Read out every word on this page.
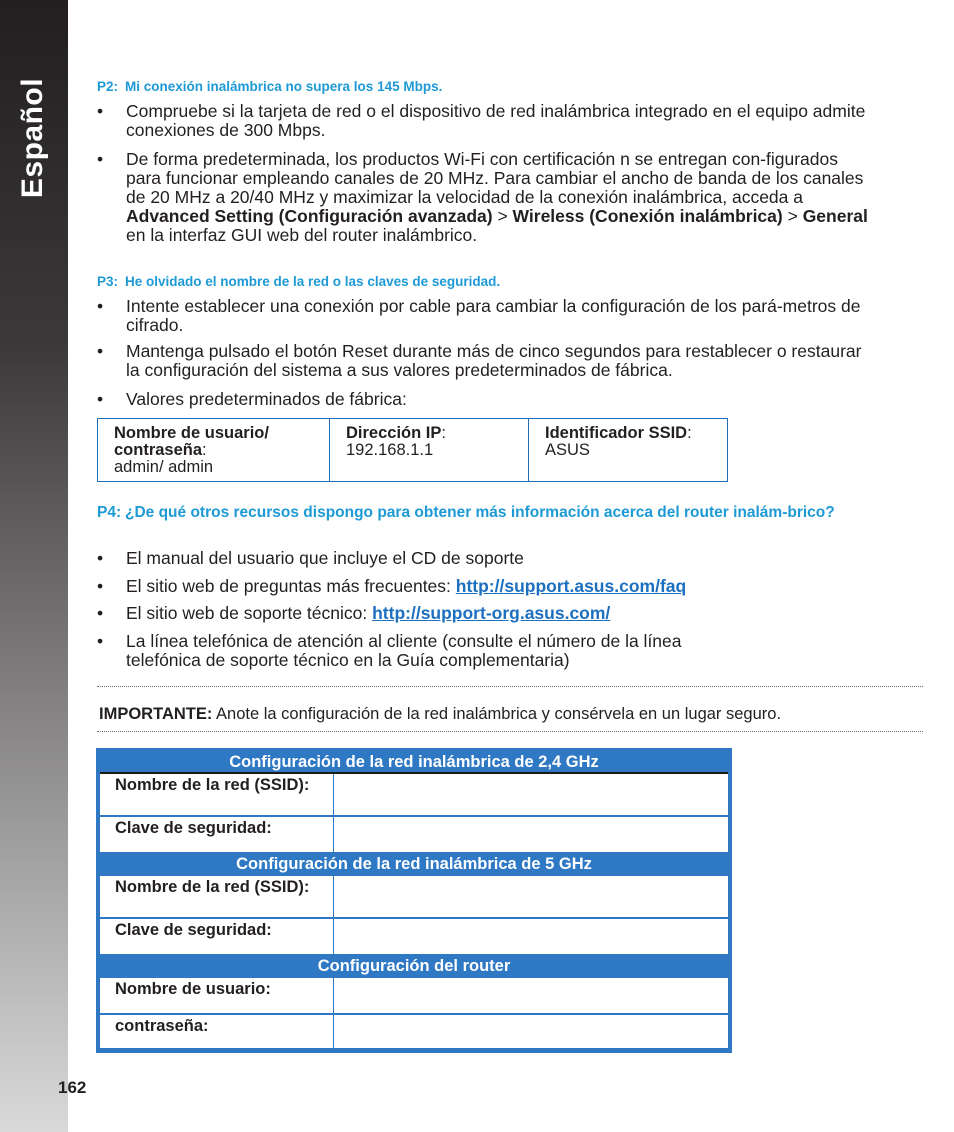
Español	P2: Mi conexión inalámbrica no supera los 145 Mbps.
• Compruebe si la tarjeta de red o el dispositivo de red inalámbrica integrado en el equipo admite conexiones de 300 Mbps.
• De forma predeterminada, los productos Wi-Fi con certificación n se entregan con-figurados para funcionar empleando canales de 20 MHz. Para cambiar el ancho de banda de los canales de 20 MHz a 20/40 MHz y maximizar la velocidad de la conexión inalámbrica, acceda a Advanced Setting (Configuración avanzada) > Wireless (Conexión inalámbrica) > General en la interfaz GUI web del router inalámbrico.
P3: He olvidado el nombre de la red o las claves de seguridad.
• Intente establecer una conexión por cable para cambiar la configuración de los pará-metros de cifrado.
• Mantenga pulsado el botón Reset durante más de cinco segundos para restablecer o restaurar la configuración del sistema a sus valores predeterminados de fábrica.
• Valores predeterminados de fábrica:
Nombre de usuario/ contraseña:
admin/ admin
Dirección IP:
192.168.1.1
Identificador SSID:
ASUS
P4: ¿De qué otros recursos dispongo para obtener más información acerca del router inalám-brico?
• El manual del usuario que incluye el CD de soporte
• El sitio web de preguntas más frecuentes: http://support.asus.com/faq
• El sitio web de soporte técnico: http://support-org.asus.com/
• La línea telefónica de atención al cliente (consulte el número de la línea telefónica de soporte técnico en la Guía complementaria)
IMPORTANTE: Anote la configuración de la red inalámbrica y consérvela en un lugar seguro.
Configuración de la red inalámbrica de 2,4 GHz
Nombre de la red (SSID):
Clave de seguridad:
Configuración de la red inalámbrica de 5 GHz
Nombre de la red (SSID):
Clave de seguridad:
Configuración del router
Nombre de usuario:
contraseña:
162
